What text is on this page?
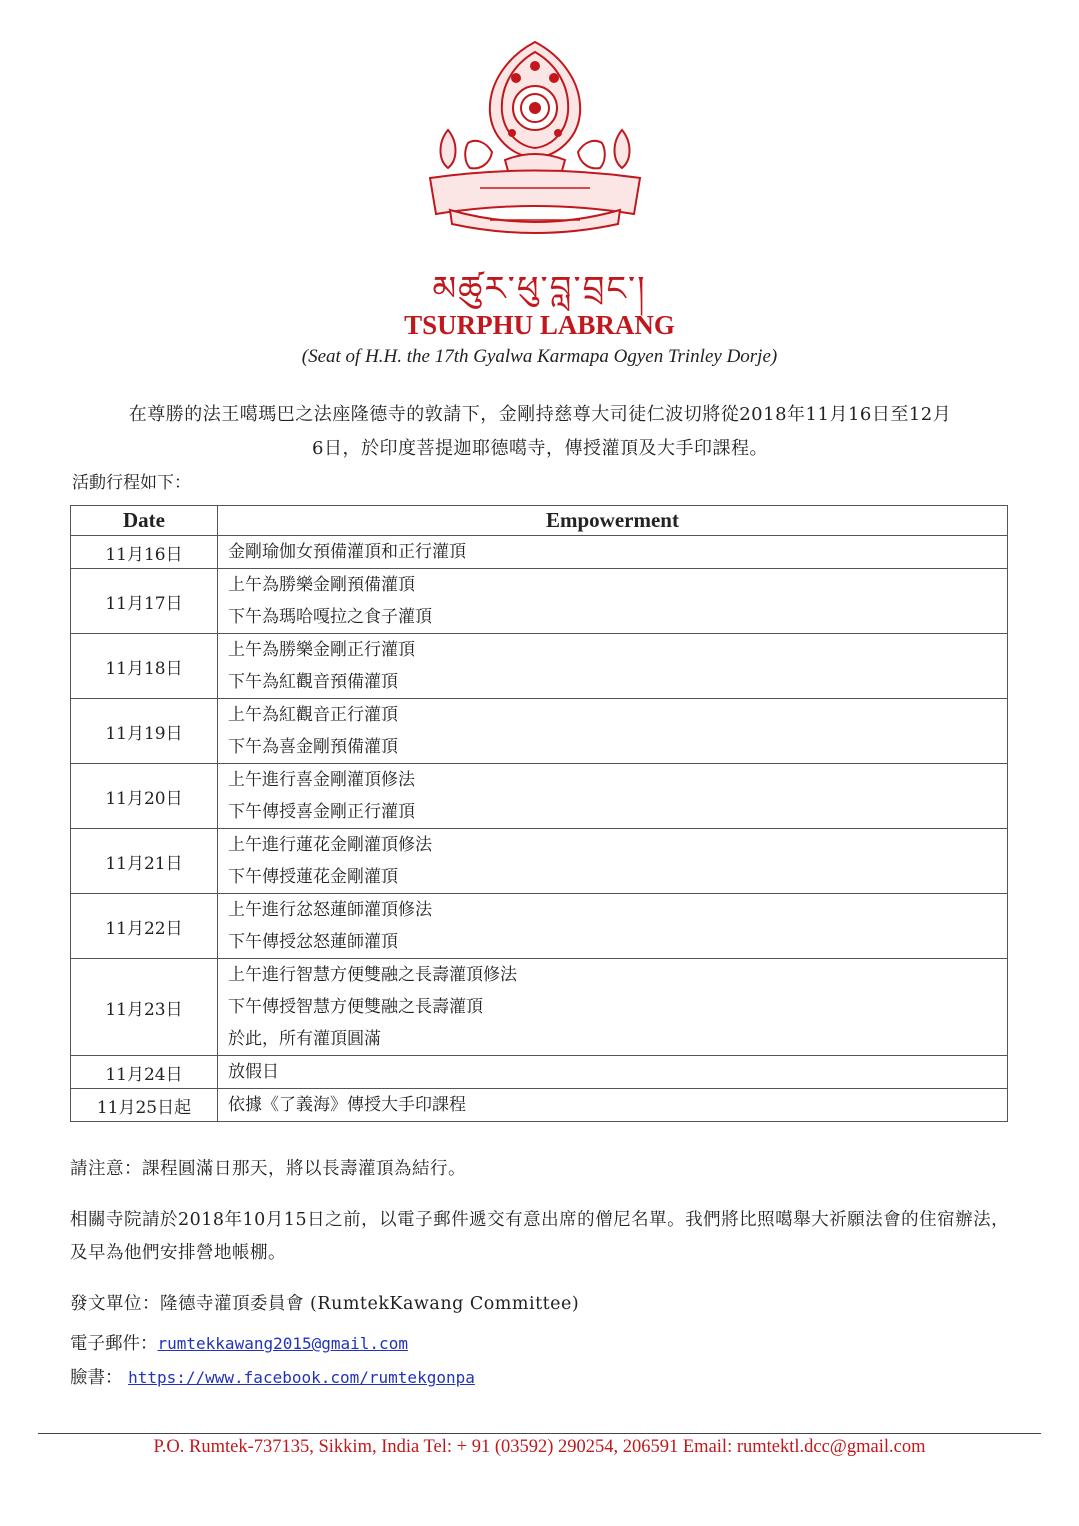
མཚུར་ཕུ་བླ་བྲང་།
TSURPHU LABRANG
(Seat of H.H. the 17th Gyalwa Karmapa Ogyen Trinley Dorje)
在尊勝的法王噶瑪巴之法座隆德寺的敦請下，金剛持慈尊大司徒仁波切將從2018年11月16日至12月
6日，於印度菩提迦耶德噶寺，傳授灌頂及大手印課程。
活動行程如下：
Date	Empowerment
11月16日	金剛瑜伽女預備灌頂和正行灌頂

11月17日	上午為勝樂金剛預備灌頂
下午為瑪哈嘎拉之食子灌頂

11月18日	上午為勝樂金剛正行灌頂
下午為紅觀音預備灌頂

11月19日	上午為紅觀音正行灌頂
下午為喜金剛預備灌頂

11月20日	上午進行喜金剛灌頂修法
下午傳授喜金剛正行灌頂

11月21日	上午進行蓮花金剛灌頂修法
下午傳授蓮花金剛灌頂

11月22日	上午進行忿怒蓮師灌頂修法
下午傳授忿怒蓮師灌頂

11月23日	上午進行智慧方便雙融之長壽灌頂修法
下午傳授智慧方便雙融之長壽灌頂
於此，所有灌頂圓滿

11月24日	放假日

11月25日起	依據《了義海》傳授大手印課程

請注意：課程圓滿日那天，將以長壽灌頂為結行。

相關寺院請於2018年10月15日之前，以電子郵件遞交有意出席的僧尼名單。我們將比照噶舉大祈願法會的住宿辦法，及早為他們安排營地帳棚。

發文單位：隆德寺灌頂委員會 (RumtekKawang Committee)

電子郵件：rumtekkawang2015@gmail.com
臉書： https://www.facebook.com/rumtekgonpa
P.O. Rumtek-737135, Sikkim, India Tel: + 91 (03592) 290254, 206591 Email: rumtektl.dcc@gmail.com
